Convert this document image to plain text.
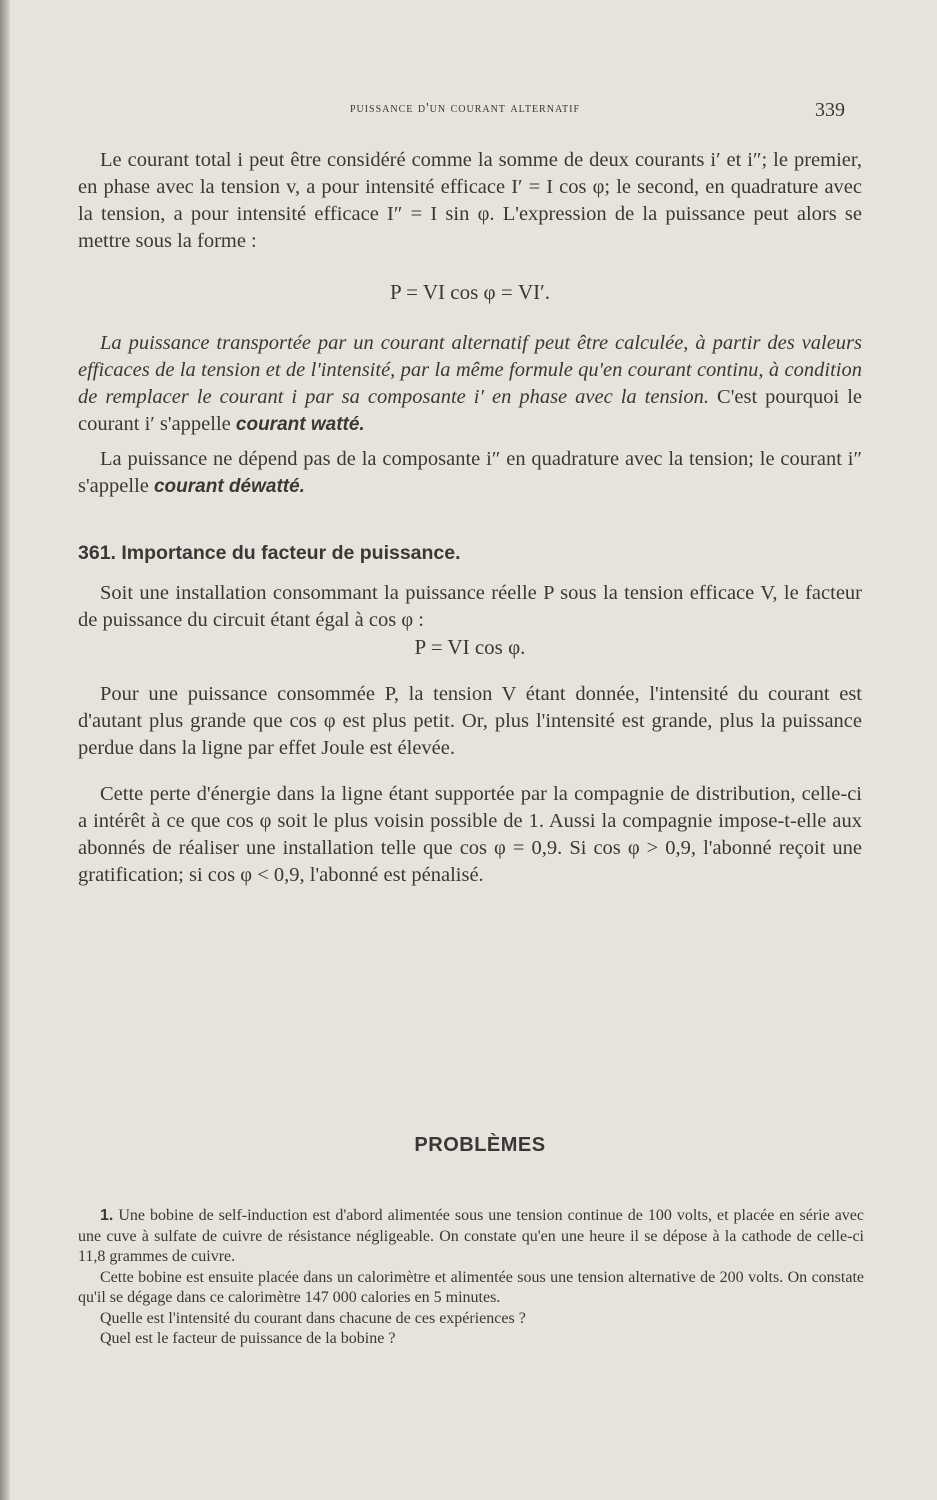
puissance d'un courant alternatif	339

Le courant total i peut être considéré comme la somme de deux courants i′ et i″; le premier, en phase avec la tension v, a pour intensité efficace I′ = I cos φ; le second, en quadrature avec la tension, a pour intensité efficace I″ = I sin φ. L'expression de la puissance peut alors se mettre sous la forme :

P = VI cos φ = VI′.

La puissance transportée par un courant alternatif peut être calculée, à partir des valeurs efficaces de la tension et de l'intensité, par la même formule qu'en courant continu, à condition de remplacer le courant i par sa composante i′ en phase avec la tension. C'est pourquoi le courant i′ s'appelle courant watté.

La puissance ne dépend pas de la composante i″ en quadrature avec la tension; le courant i″ s'appelle courant déwatté.

361. Importance du facteur de puissance.

Soit une installation consommant la puissance réelle P sous la tension efficace V, le facteur de puissance du circuit étant égal à cos φ :

P = VI cos φ.

Pour une puissance consommée P, la tension V étant donnée, l'intensité du courant est d'autant plus grande que cos φ est plus petit. Or, plus l'intensité est grande, plus la puissance perdue dans la ligne par effet Joule est élevée.

Cette perte d'énergie dans la ligne étant supportée par la compagnie de distribution, celle-ci a intérêt à ce que cos φ soit le plus voisin possible de 1. Aussi la compagnie impose-t-elle aux abonnés de réaliser une installation telle que cos φ = 0,9. Si cos φ > 0,9, l'abonné reçoit une gratification; si cos φ < 0,9, l'abonné est pénalisé.

PROBLÈMES

1. Une bobine de self-induction est d'abord alimentée sous une tension continue de 100 volts, et placée en série avec une cuve à sulfate de cuivre de résistance négligeable. On constate qu'en une heure il se dépose à la cathode de celle-ci 11,8 grammes de cuivre.

Cette bobine est ensuite placée dans un calorimètre et alimentée sous une tension alternative de 200 volts. On constate qu'il se dégage dans ce calorimètre 147 000 calories en 5 minutes.

Quelle est l'intensité du courant dans chacune de ces expériences ?

Quel est le facteur de puissance de la bobine ?
